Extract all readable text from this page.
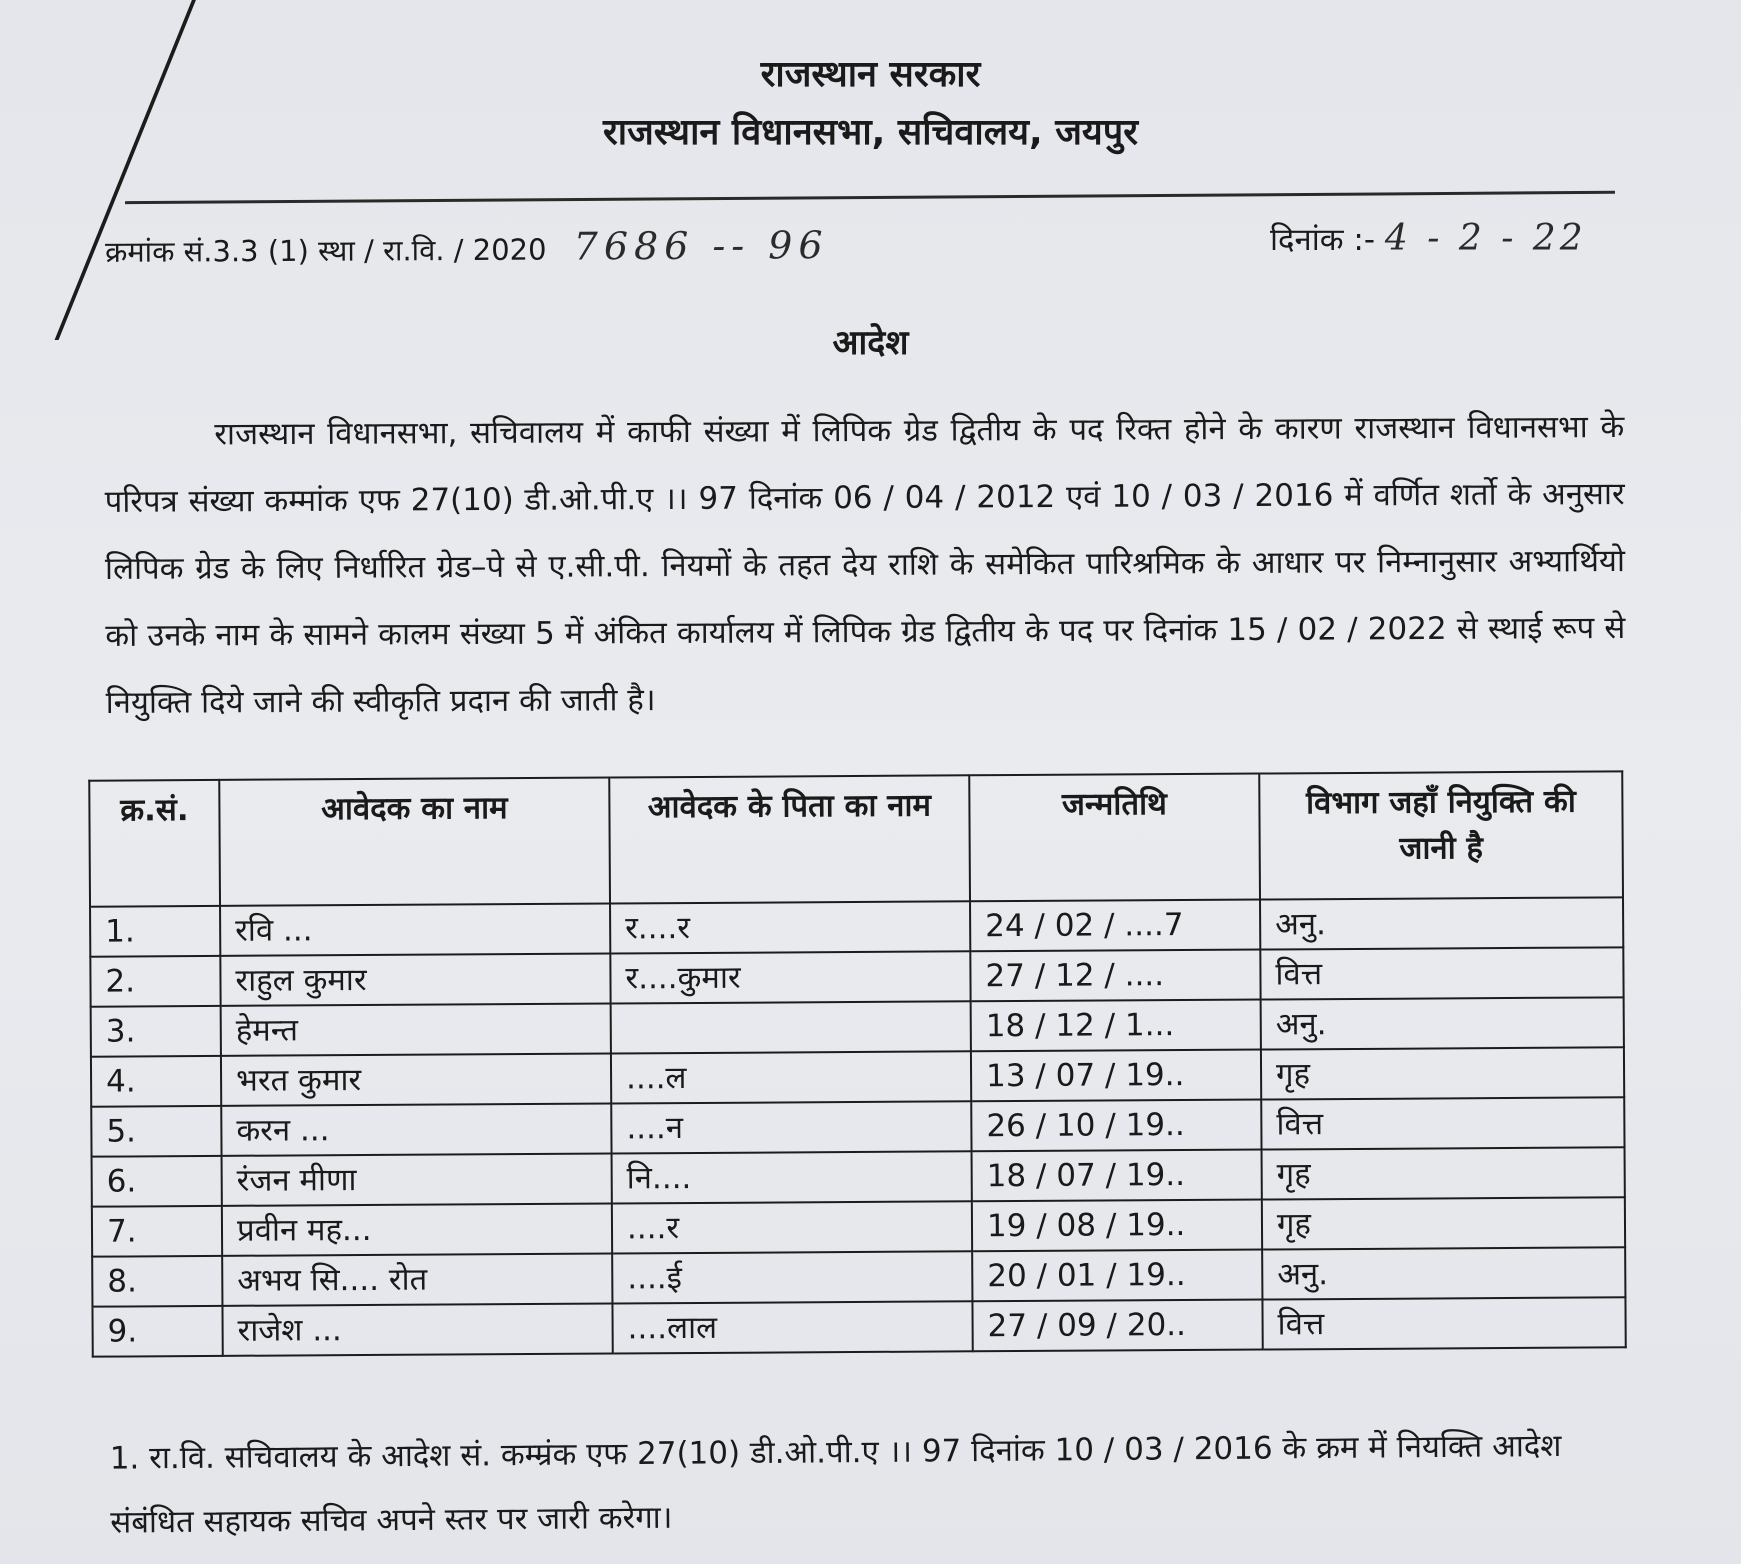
राजस्थान सरकार
राजस्थान विधानसभा, सचिवालय, जयपुर
क्रमांक सं.3.3 (1) स्था / रा.वि. / 2020 7686 -- 96	दिनांक :- 4 - 2 - 22
आदेश
राजस्थान विधानसभा, सचिवालय में काफी संख्या में लिपिक ग्रेड द्वितीय के पद रिक्त होने के कारण राजस्थान विधानसभा के परिपत्र संख्या कम्मांक एफ 27(10) डी.ओ.पी.ए ।। 97 दिनांक 06 / 04 / 2012 एवं 10 / 03 / 2016 में वर्णित शर्तो के अनुसार लिपिक ग्रेड के लिए निर्धारित ग्रेड–पे से ए.सी.पी. नियमों के तहत देय राशि के समेकित पारिश्रमिक के आधार पर निम्नानुसार अभ्यार्थियो को उनके नाम के सामने कालम संख्या 5 में अंकित कार्यालय में लिपिक ग्रेड द्वितीय के पद पर दिनांक 15 / 02 / 2022 से स्थाई रूप से नियुक्ति दिये जाने की स्वीकृति प्रदान की जाती है।
क्र.सं.	आवेदक का नाम	आवेदक के पिता का नाम	जन्मतिथि	विभाग जहाँ नियुक्ति की जानी है
1.	रवि ...	र....र	24 / 02 / ....7	अनु.
2.	राहुल कुमार	र....कुमार	27 / 12 / ....	वित्त
3.	हेमन्त		18 / 12 / 1...	अनु.
4.	भरत कुमार	....ल	13 / 07 / 19..	गृह
5.	करन ...	....न	26 / 10 / 19..	वित्त
6.	रंजन मीणा	नि....	18 / 07 / 19..	गृह
7.	प्रवीन मह...	....र	19 / 08 / 19..	गृह
8.	अभय सि.... रोत	....ई	20 / 01 / 19..	अनु.
9.	राजेश ...	....लाल	27 / 09 / 20..	वित्त
1. रा.वि. सचिवालय के आदेश सं. कम्म्रंक एफ 27(10) डी.ओ.पी.ए ।। 97 दिनांक 10 / 03 / 2016 के क्रम में नियक्ति आदेश संबंधित सहायक सचिव अपने स्तर पर जारी करेगा।
